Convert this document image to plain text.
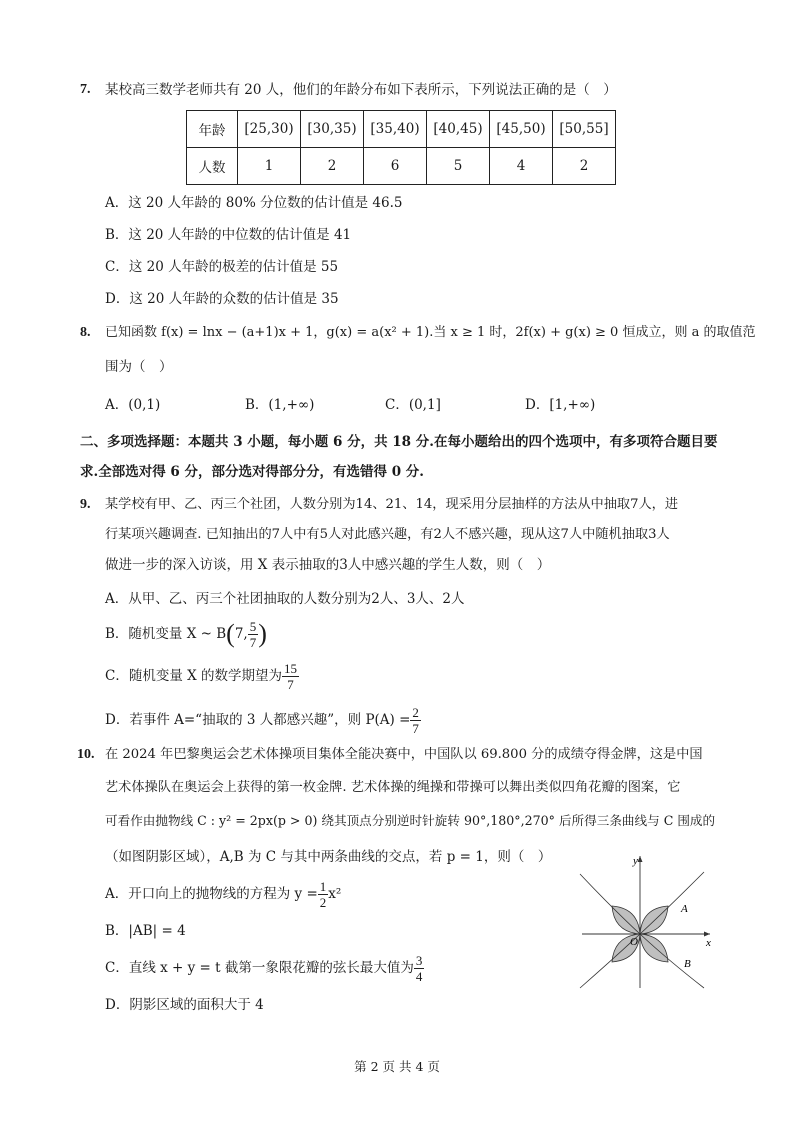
7. 某校高三数学老师共有 20 人，他们的年龄分布如下表所示，下列说法正确的是（　）
年龄	[25,30)	[30,35)	[35,40)	[40,45)	[45,50)	[50,55]
人数	1	2	6	5	4	2
A．这 20 人年龄的 80% 分位数的估计值是 46.5
B．这 20 人年龄的中位数的估计值是 41
C．这 20 人年龄的极差的估计值是 55
D．这 20 人年龄的众数的估计值是 35
8. 已知函数 f(x) = lnx − (a+1)x + 1，g(x) = a(x² + 1).当 x ≥ 1 时，2f(x) + g(x) ≥ 0 恒成立，则 a 的取值范
围为（　）
A．(0,1)	B．(1,+∞)	C．(0,1]	D．[1,+∞)
二、多项选择题：本题共 3 小题，每小题 6 分，共 18 分.在每小题给出的四个选项中，有多项符合题目要
求.全部选对得 6 分，部分选对得部分分，有选错得 0 分.
9. 某学校有甲、乙、丙三个社团，人数分别为14、21、14，现采用分层抽样的方法从中抽取7人，进
行某项兴趣调查. 已知抽出的7人中有5人对此感兴趣，有2人不感兴趣，现从这7人中随机抽取3人
做进一步的深入访谈，用 X 表示抽取的3人中感兴趣的学生人数，则（　）
A．从甲、乙、丙三个社团抽取的人数分别为2人、3人、2人
B．随机变量 X ~ B ( 7, $\frac{5}{7}$ )
C．随机变量 X 的数学期望为 $\frac{15}{7}$
D．若事件 A=“抽取的 3 人都感兴趣”，则 $P(A) = \frac{2}{7}$
10. 在 2024 年巴黎奥运会艺术体操项目集体全能决赛中，中国队以 69.800 分的成绩夺得金牌，这是中国
艺术体操队在奥运会上获得的第一枚金牌. 艺术体操的绳操和带操可以舞出类似四角花瓣的图案，它
可看作由抛物线 C : y² = 2px(p > 0) 绕其顶点分别逆时针旋转 90°,180°,270° 后所得三条曲线与 C 围成的
（如图阴影区域），A,B 为 C 与其中两条曲线的交点，若 p = 1，则（　）
A．开口向上的抛物线的方程为 $y = \frac{1}{2} x^2$
B．|AB| = 4
C．直线 x + y = t 截第一象限花瓣的弦长最大值为 $\frac{3}{4}$
D．阴影区域的面积大于 4
y
x
O
A
B
第 2 页 共 4 页
